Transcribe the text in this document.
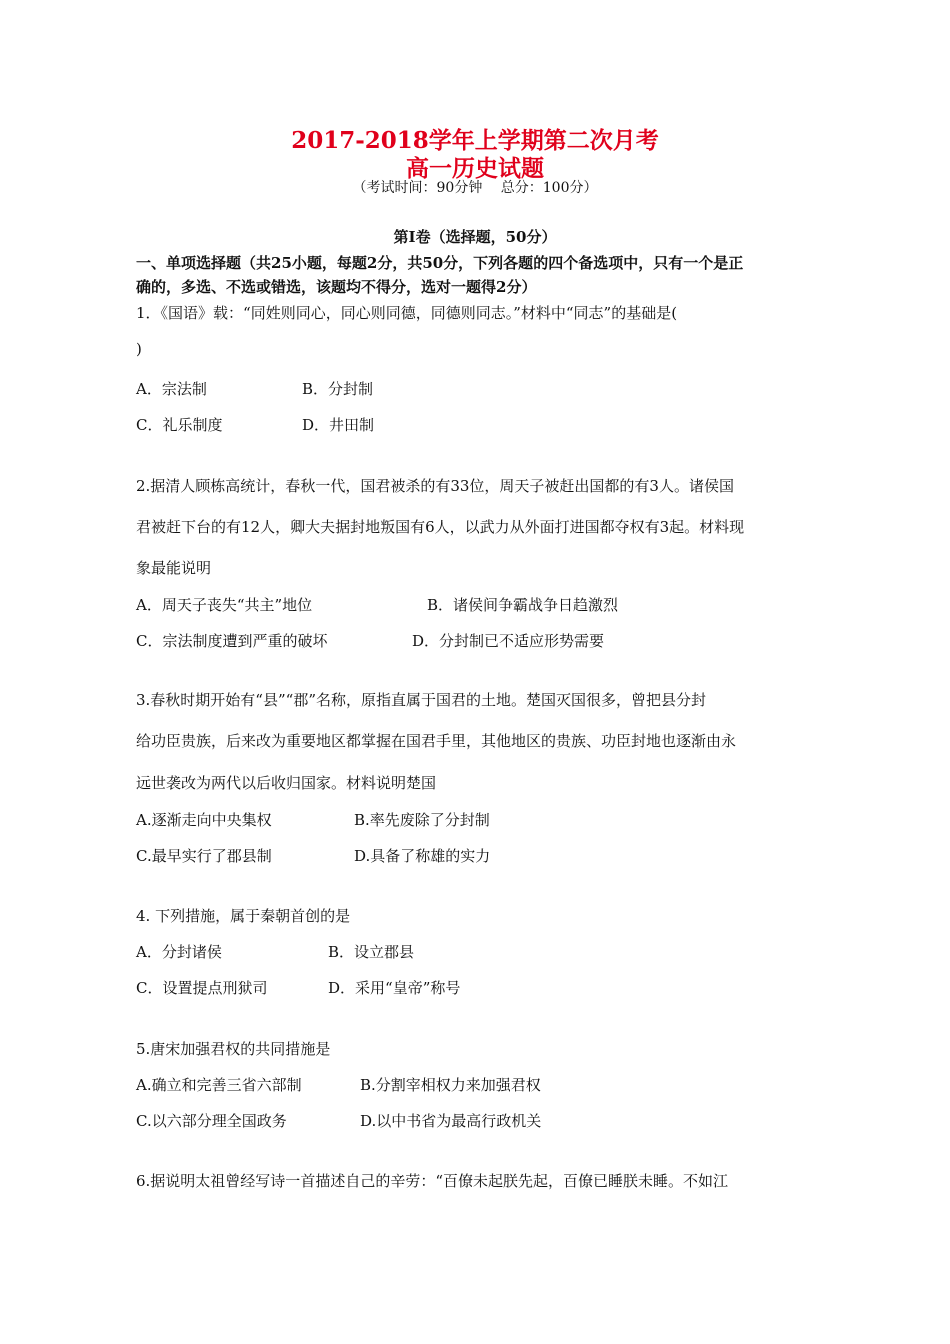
2017-2018学年上学期第二次月考
高一历史试题
（考试时间：90分钟　 总分：100分）
第Ⅰ卷（选择题，50分）
一、单项选择题（共25小题，每题2分，共50分，下列各题的四个备选项中，只有一个是正
确的，多选、不选或错选，该题均不得分，选对一题得2分）
1．《国语》载：“同姓则同心，同心则同德，同德则同志。”材料中“同志”的基础是(
)
A．宗法制	B．分封制
C．礼乐制度	D．井田制
2.据清人顾栋高统计，春秋一代，国君被杀的有33位，周天子被赶出国都的有3人。诸侯国
君被赶下台的有12人，卿大夫据封地叛国有6人，以武力从外面打进国都夺权有3起。材料现
象最能说明
A．周天子丧失“共主”地位	B．诸侯间争霸战争日趋激烈
C．宗法制度遭到严重的破坏	D．分封制已不适应形势需要
3.春秋时期开始有“县”“郡”名称，原指直属于国君的土地。楚国灭国很多，曾把县分封
给功臣贵族，后来改为重要地区都掌握在国君手里，其他地区的贵族、功臣封地也逐渐由永
远世袭改为两代以后收归国家。材料说明楚国
A.逐渐走向中央集权	B.率先废除了分封制
C.最早实行了郡县制	D.具备了称雄的实力
4. 下列措施，属于秦朝首创的是
A．分封诸侯	B．设立郡县
C．设置提点刑狱司	D．采用“皇帝”称号
5.唐宋加强君权的共同措施是
A.确立和完善三省六部制	B.分割宰相权力来加强君权
C.以六部分理全国政务	D.以中书省为最高行政机关
6.据说明太祖曾经写诗一首描述自己的辛劳：“百僚未起朕先起，百僚已睡朕未睡。不如江
